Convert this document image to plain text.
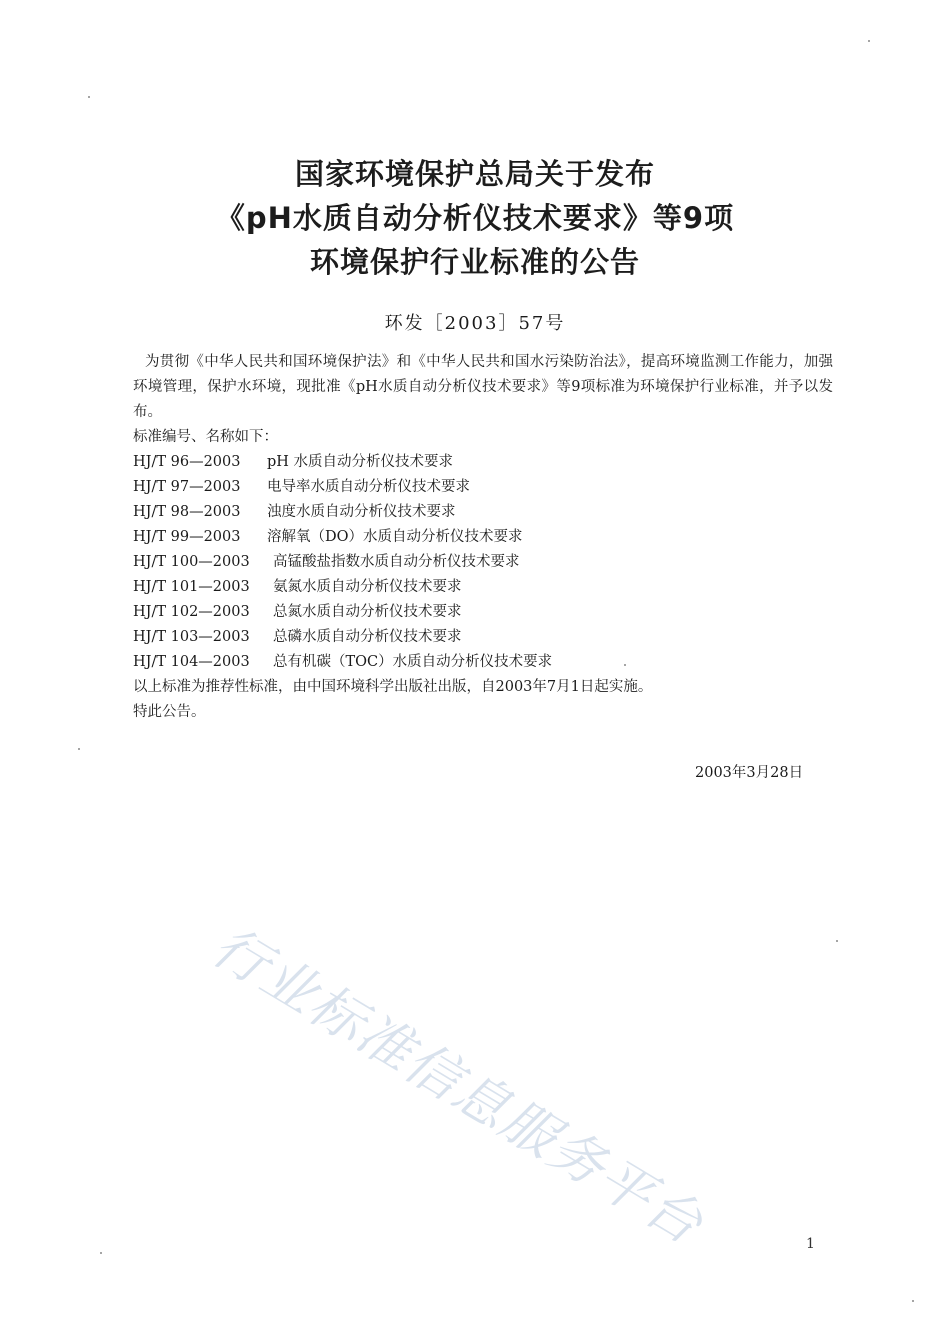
国家环境保护总局关于发布
《pH水质自动分析仪技术要求》等9项
环境保护行业标准的公告
环发［2003］57号

为贯彻《中华人民共和国环境保护法》和《中华人民共和国水污染防治法》，提高环境监测工作能力，加强环境管理，保护水环境，现批准《pH水质自动分析仪技术要求》等9项标准为环境保护行业标准，并予以发布。

标准编号、名称如下：

HJ/T 96—2003	pH 水质自动分析仪技术要求
HJ/T 97—2003	电导率水质自动分析仪技术要求
HJ/T 98—2003	浊度水质自动分析仪技术要求
HJ/T 99—2003	溶解氧（DO）水质自动分析仪技术要求
HJ/T 100—2003	高锰酸盐指数水质自动分析仪技术要求
HJ/T 101—2003	氨氮水质自动分析仪技术要求
HJ/T 102—2003	总氮水质自动分析仪技术要求
HJ/T 103—2003	总磷水质自动分析仪技术要求
HJ/T 104—2003	总有机碳（TOC）水质自动分析仪技术要求

以上标准为推荐性标准，由中国环境科学出版社出版，自2003年7月1日起实施。

特此公告。

2003年3月28日
行业标准信息服务平台	1
